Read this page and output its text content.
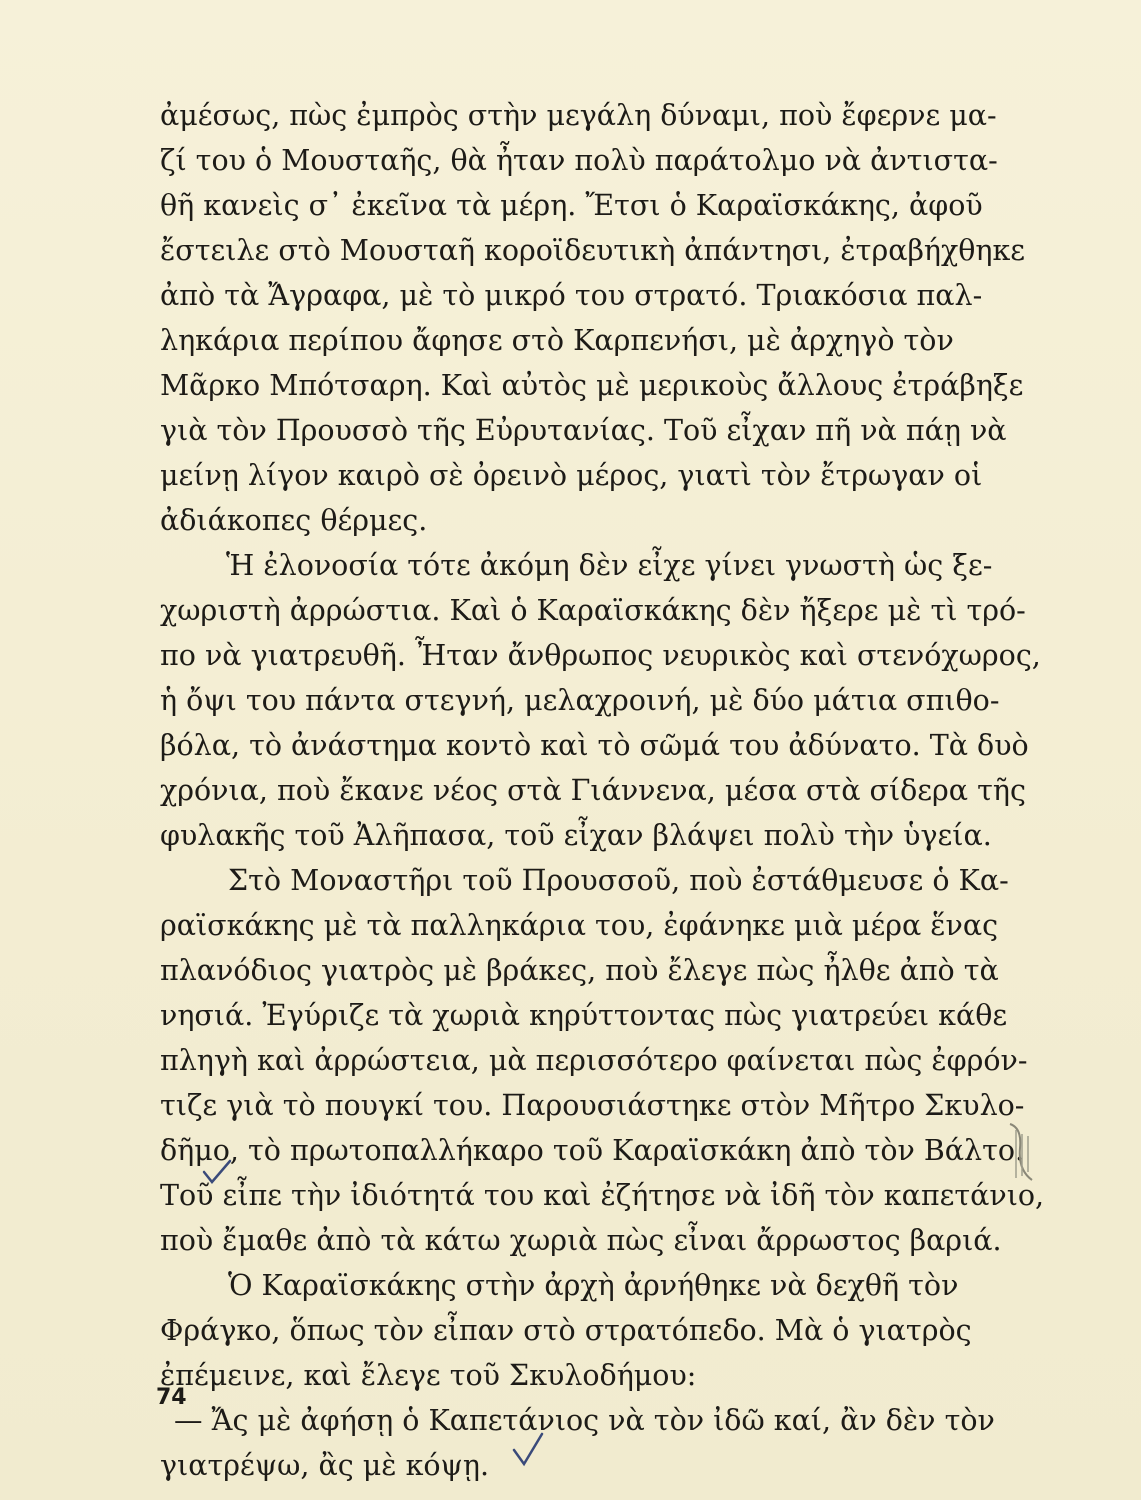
ἀμέσως, πὼς ἐμπρὸς στὴν μεγάλη δύναμι, ποὺ ἔφερνε μα-
ζί του ὁ Μουσταῆς, θὰ ἦταν πολὺ παράτολμο νὰ ἀντιστα-
θῆ κανεὶς σ᾽ ἐκεῖνα τὰ μέρη. Ἔτσι ὁ Καραϊσκάκης, ἀφοῦ
ἔστειλε στὸ Μουσταῆ κοροϊδευτικὴ ἀπάντησι, ἐτραβήχθηκε
ἀπὸ τὰ Ἄγραφα, μὲ τὸ μικρό του στρατό. Τριακόσια παλ-
ληκάρια περίπου ἄφησε στὸ Καρπενήσι, μὲ ἀρχηγὸ τὸν
Μᾶρκο Μπότσαρη. Καὶ αὐτὸς μὲ μερικοὺς ἄλλους ἐτράβηξε
γιὰ τὸν Προυσσὸ τῆς Εὐρυτανίας. Τοῦ εἶχαν πῆ νὰ πάῃ νὰ
μείνῃ λίγον καιρὸ σὲ ὀρεινὸ μέρος, γιατὶ τὸν ἔτρωγαν οἱ
ἀδιάκοπες θέρμες.
Ἡ ἐλονοσία τότε ἀκόμη δὲν εἶχε γίνει γνωστὴ ὡς ξε-
χωριστὴ ἀρρώστια. Καὶ ὁ Καραϊσκάκης δὲν ἤξερε μὲ τὶ τρό-
πο νὰ γιατρευθῆ. Ἦταν ἄνθρωπος νευρικὸς καὶ στενόχωρος,
ἡ ὄψι του πάντα στεγνή, μελαχροινή, μὲ δύο μάτια σπιθο-
βόλα, τὸ ἀνάστημα κοντὸ καὶ τὸ σῶμά του ἀδύνατο. Τὰ δυὸ
χρόνια, ποὺ ἔκανε νέος στὰ Γιάννενα, μέσα στὰ σίδερα τῆς
φυλακῆς τοῦ Ἀλῆπασα, τοῦ εἶχαν βλάψει πολὺ τὴν ὑγεία.
Στὸ Μοναστῆρι τοῦ Προυσσοῦ, ποὺ ἐστάθμευσε ὁ Κα-
ραϊσκάκης μὲ τὰ παλληκάρια του, ἐφάνηκε μιὰ μέρα ἕνας
πλανόδιος γιατρὸς μὲ βράκες, ποὺ ἔλεγε πὼς ἦλθε ἀπὸ τὰ
νησιά. Ἐγύριζε τὰ χωριὰ κηρύττοντας πὼς γιατρεύει κάθε
πληγὴ καὶ ἀρρώστεια, μὰ περισσότερο φαίνεται πὼς ἐφρόν-
τιζε γιὰ τὸ πουγκί του. Παρουσιάστηκε στὸν Μῆτρο Σκυλο-
δῆμο, τὸ πρωτοπαλλήκαρο τοῦ Καραϊσκάκη ἀπὸ τὸν Βάλτο.
Τοῦ εἶπε τὴν ἰδιότητά του καὶ ἐζήτησε νὰ ἰδῆ τὸν καπετάνιο,
ποὺ ἔμαθε ἀπὸ τὰ κάτω χωριὰ πὼς εἶναι ἄρρωστος βαριά.
Ὁ Καραϊσκάκης στὴν ἀρχὴ ἀρνήθηκε νὰ δεχθῆ τὸν
Φράγκο, ὅπως τὸν εἶπαν στὸ στρατόπεδο. Μὰ ὁ γιατρὸς
ἐπέμεινε, καὶ ἔλεγε τοῦ Σκυλοδήμου:
— Ἄς μὲ ἀφήσῃ ὁ Καπετάνιος νὰ τὸν ἰδῶ καί, ἂν δὲν τὸν
γιατρέψω, ἂς μὲ κόψῃ.
74
